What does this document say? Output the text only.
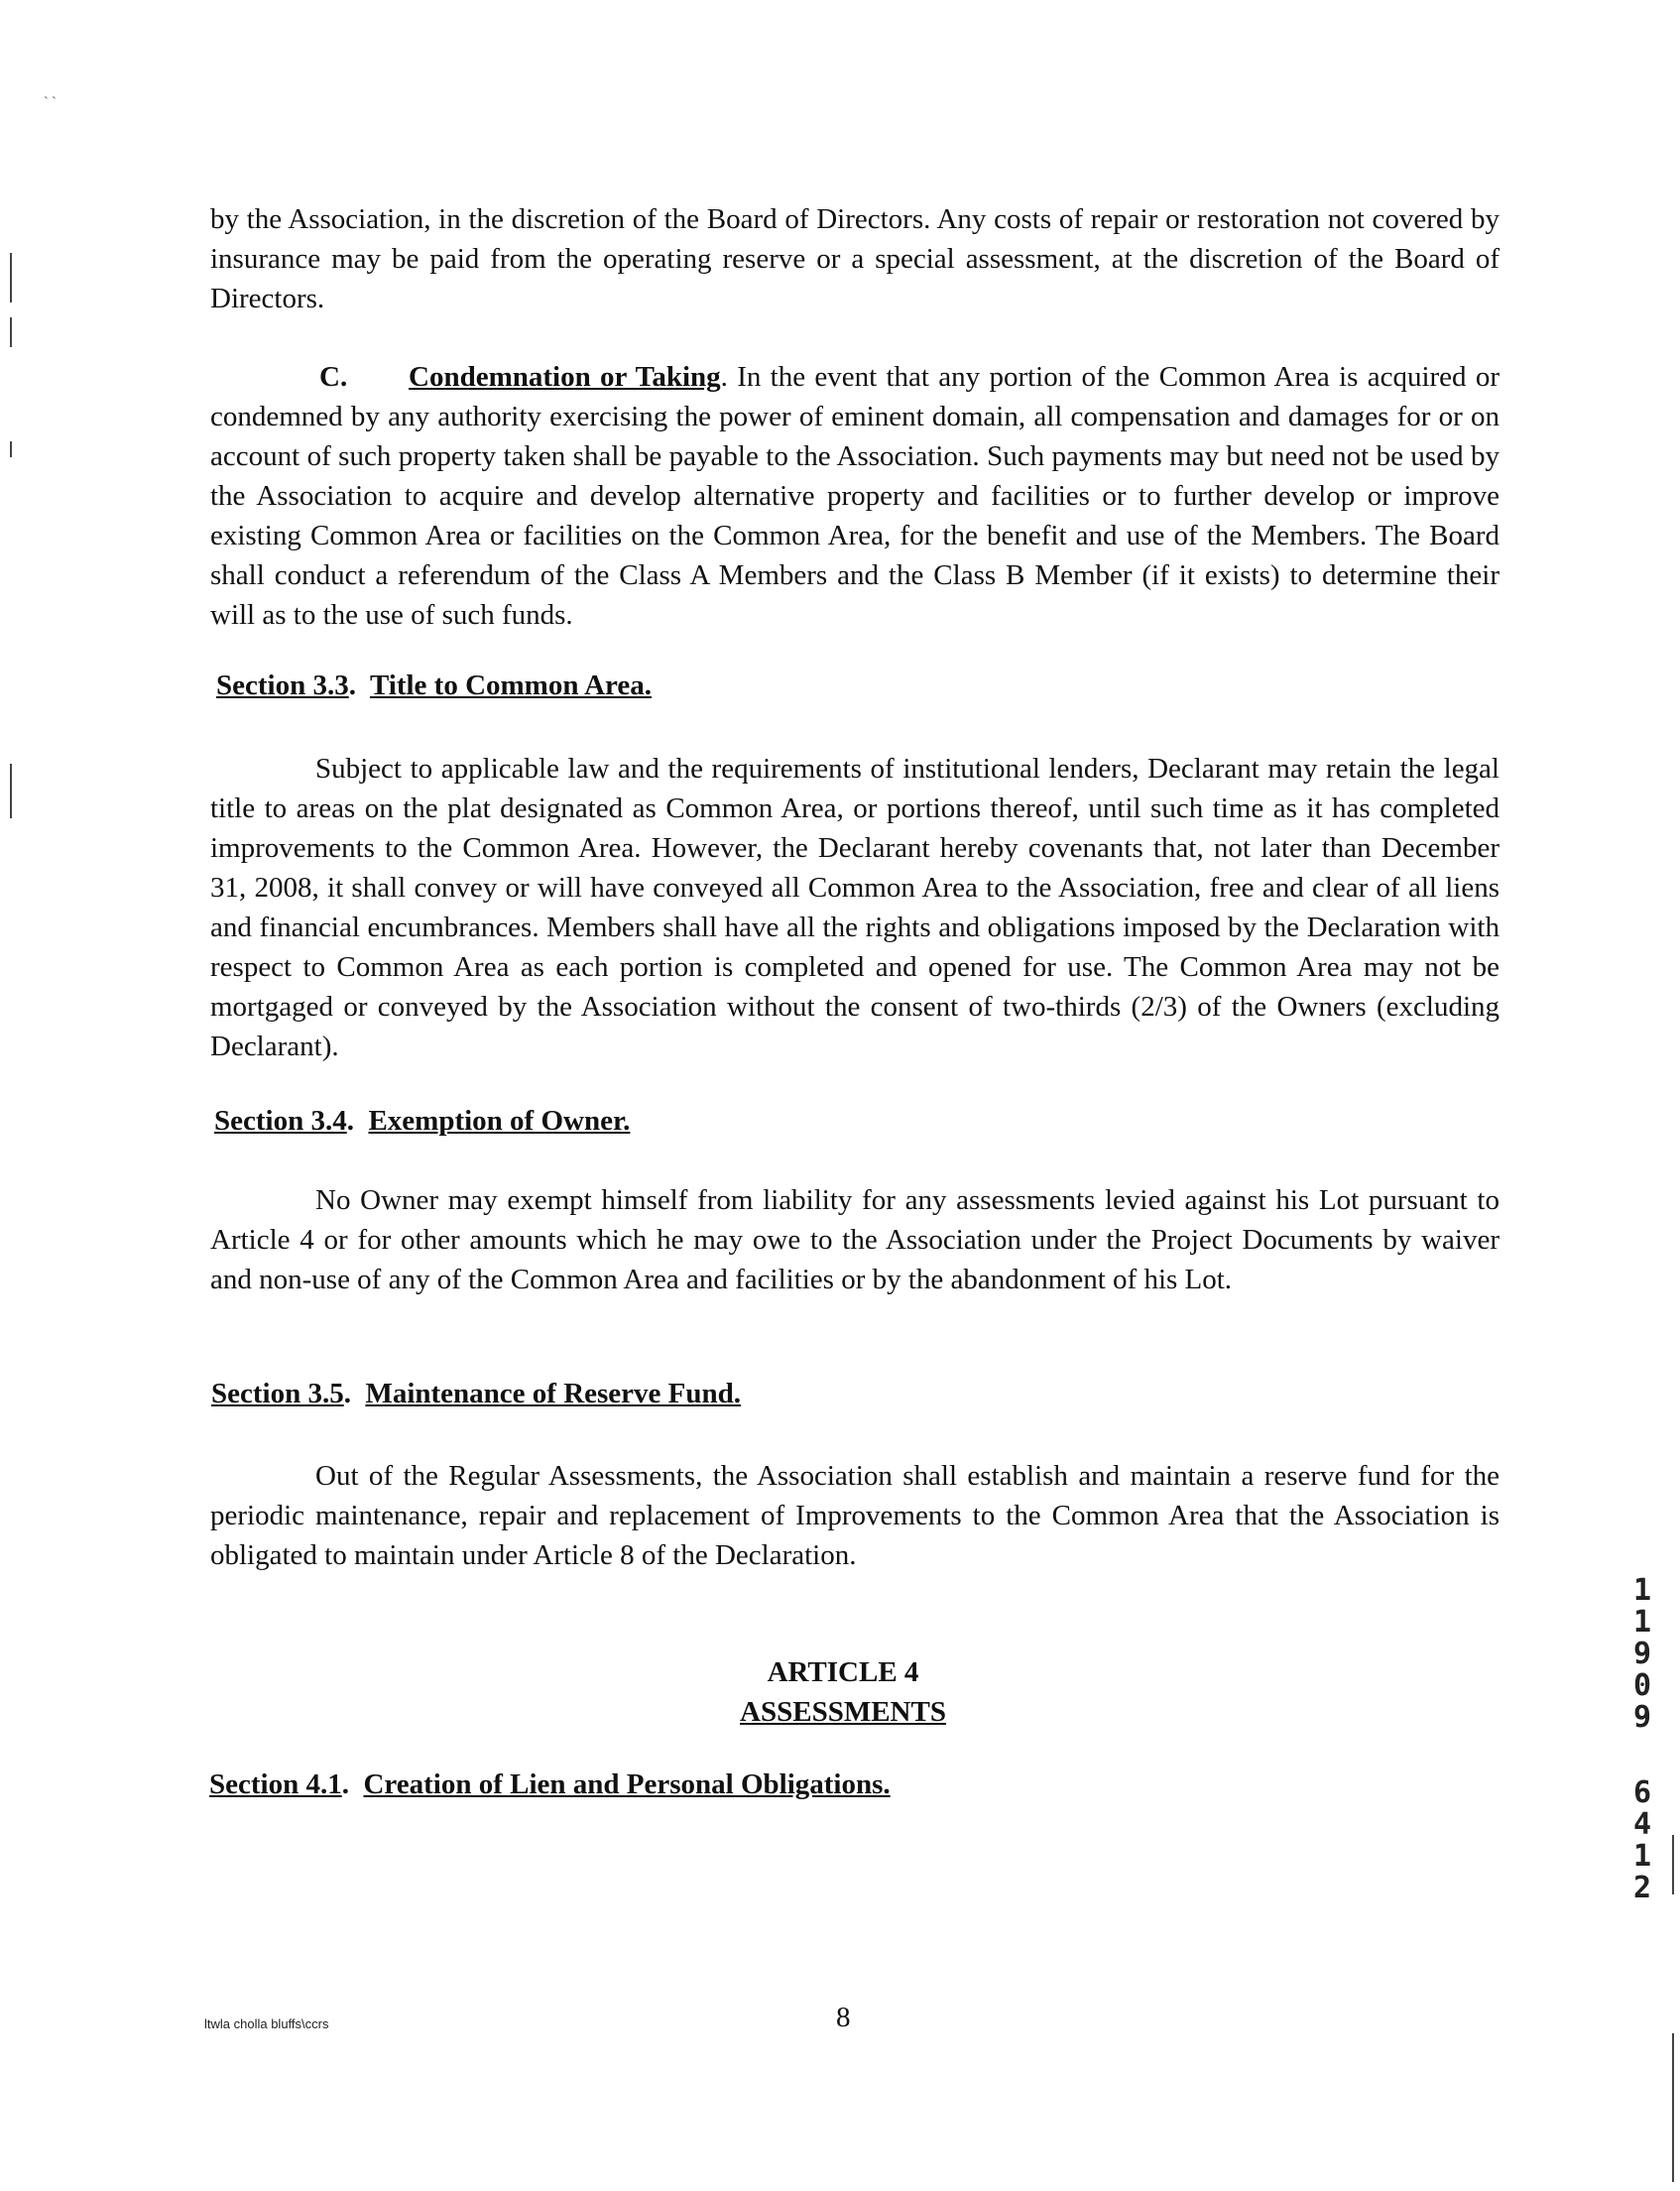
` `

by the Association, in the discretion of the Board of Directors. Any costs of repair or restoration not covered by insurance may be paid from the operating reserve or a special assessment, at the discretion of the Board of Directors.

C. Condemnation or Taking. In the event that any portion of the Common Area is acquired or condemned by any authority exercising the power of eminent domain, all compensation and damages for or on account of such property taken shall be payable to the Association. Such payments may but need not be used by the Association to acquire and develop alternative property and facilities or to further develop or improve existing Common Area or facilities on the Common Area, for the benefit and use of the Members. The Board shall conduct a referendum of the Class A Members and the Class B Member (if it exists) to determine their will as to the use of such funds.

Section 3.3. Title to Common Area.

Subject to applicable law and the requirements of institutional lenders, Declarant may retain the legal title to areas on the plat designated as Common Area, or portions thereof, until such time as it has completed improvements to the Common Area. However, the Declarant hereby covenants that, not later than December 31, 2008, it shall convey or will have conveyed all Common Area to the Association, free and clear of all liens and financial encumbrances. Members shall have all the rights and obligations imposed by the Declaration with respect to Common Area as each portion is completed and opened for use. The Common Area may not be mortgaged or conveyed by the Association without the consent of two-thirds (2/3) of the Owners (excluding Declarant).

Section 3.4. Exemption of Owner.

No Owner may exempt himself from liability for any assessments levied against his Lot pursuant to Article 4 or for other amounts which he may owe to the Association under the Project Documents by waiver and non-use of any of the Common Area and facilities or by the abandonment of his Lot.

Section 3.5. Maintenance of Reserve Fund.

Out of the Regular Assessments, the Association shall establish and maintain a reserve fund for the periodic maintenance, repair and replacement of Improvements to the Common Area that the Association is obligated to maintain under Article 8 of the Declaration.

ARTICLE 4
ASSESSMENTS
Section 4.1. Creation of Lien and Personal Obligations.
1
1
9
0
9
6
4
1
2
ltwla cholla bluffs\ccrs	8
